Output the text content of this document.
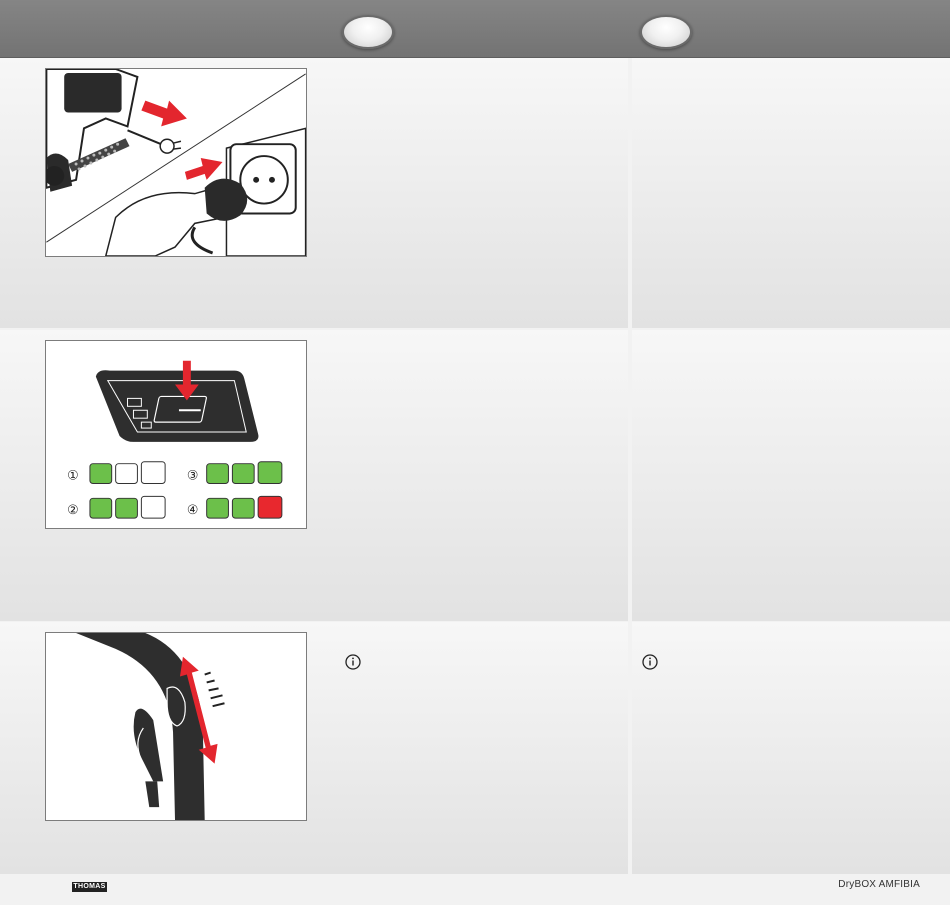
①	③
②	④
THOMAS	DryBOX AMFIBIA
